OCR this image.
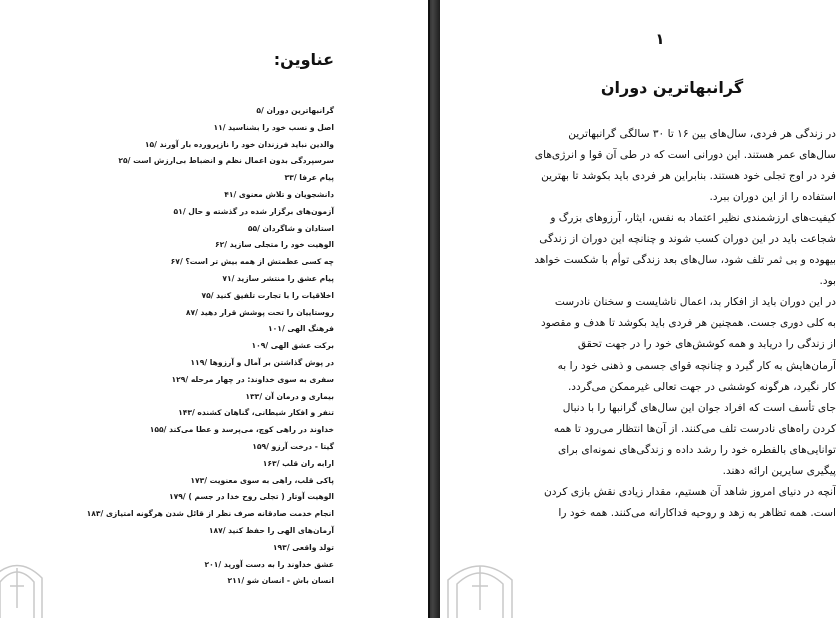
عناوین:
گرانبهاترین دوران /۵
اصل و نسب خود را بشناسید /۱۱
والدین نباید فرزندان خود را نازپرورده بار آورند /۱۵
سرسپردگی بدون اعمال نظم و انضباط بی‌ارزش است /۲۵
پیام عرفا /۳۳
دانشجویان و تلاش معنوی /۴۱
آزمون‌های برگزار شده در گذشته و حال /۵۱
استادان و شاگردان /۵۵
الوهیت خود را متجلی سازید /۶۲
چه کسی عظمتش از همه بیش تر است؟ /۶۷
پیام عشق را منتشر سازید /۷۱
اخلاقیات را با تجارت تلفیق کنید /۷۵
روستاییان را تحت پوشش قرار دهید /۸۷
فرهنگ الهی /۱۰۱
برکت عشق الهی /۱۰۹
در پوش گذاشتن بر آمال و آرزوها /۱۱۹
سفری به سوی خداوند: در چهار مرحله /۱۲۹
بیماری و درمان آن /۱۳۳
تنفر و افکار شیطانی، گناهان کشنده /۱۴۳
خداوند در راهی کوچ، می‌پرسد و عطا می‌کند /۱۵۵
گیتا - درخت آرزو /۱۵۹
ارابه ران قلب /۱۶۳
پاکی قلب، راهی به سوی معنویت /۱۷۳
الوهیت آوتار ( تجلی روح خدا در جسم ) /۱۷۹
انجام خدمت صادقانه صرف نظر از قائل شدن هرگونه امتیازی /۱۸۳
آرمان‌های الهی را حفظ کنید /۱۸۷
تولد واقعی /۱۹۳
عشق خداوند را به دست آورید /۲۰۱
انسان باش - انسان شو /۲۱۱
۱
گرانبهاترین دوران
در زندگی هر فردی، سال‌های بین ۱۶ تا ۳۰ سالگی گرانبهاترین
سال‌های عمر هستند. این دورانی است که در طی آن قوا و انرژی‌های
فرد در اوج تجلی خود هستند. بنابراین هر فردی باید بکوشد تا بهترین
استفاده را از این دوران ببرد.
کیفیت‌های ارزشمندی نظیر اعتماد به نفس، ایثار، آرزوهای بزرگ و
شجاعت باید در این دوران کسب شوند و چنانچه این دوران از زندگی
بیهوده و بی ثمر تلف شود، سال‌های بعد زندگی توأم با شکست خواهد
بود.
در این دوران باید از افکار بد، اعمال ناشایست و سخنان نادرست
به کلی دوری جست. همچنین هر فردی باید بکوشد تا هدف و مقصود
از زندگی را دریابد و همه کوشش‌های خود را در جهت تحقق
آرمان‌هایش به کار گیرد و چنانچه قوای جسمی و ذهنی خود را به
کار نگیرد، هرگونه کوششی در جهت تعالی غیرممکن می‌گردد.
جای تأسف است که افراد جوان این سال‌های گرانبها را با دنبال
کردن راه‌های نادرست تلف می‌کنند. از آن‌ها انتظار می‌رود تا همه
توانایی‌های بالفطره خود را رشد داده و زندگی‌های نمونه‌ای برای
پیگیری سایرین ارائه دهند.
آنچه در دنیای امروز شاهد آن هستیم، مقدار زیادی نقش بازی کردن
است. همه تظاهر به زهد و روحیه فداکارانه می‌کنند. همه خود را
